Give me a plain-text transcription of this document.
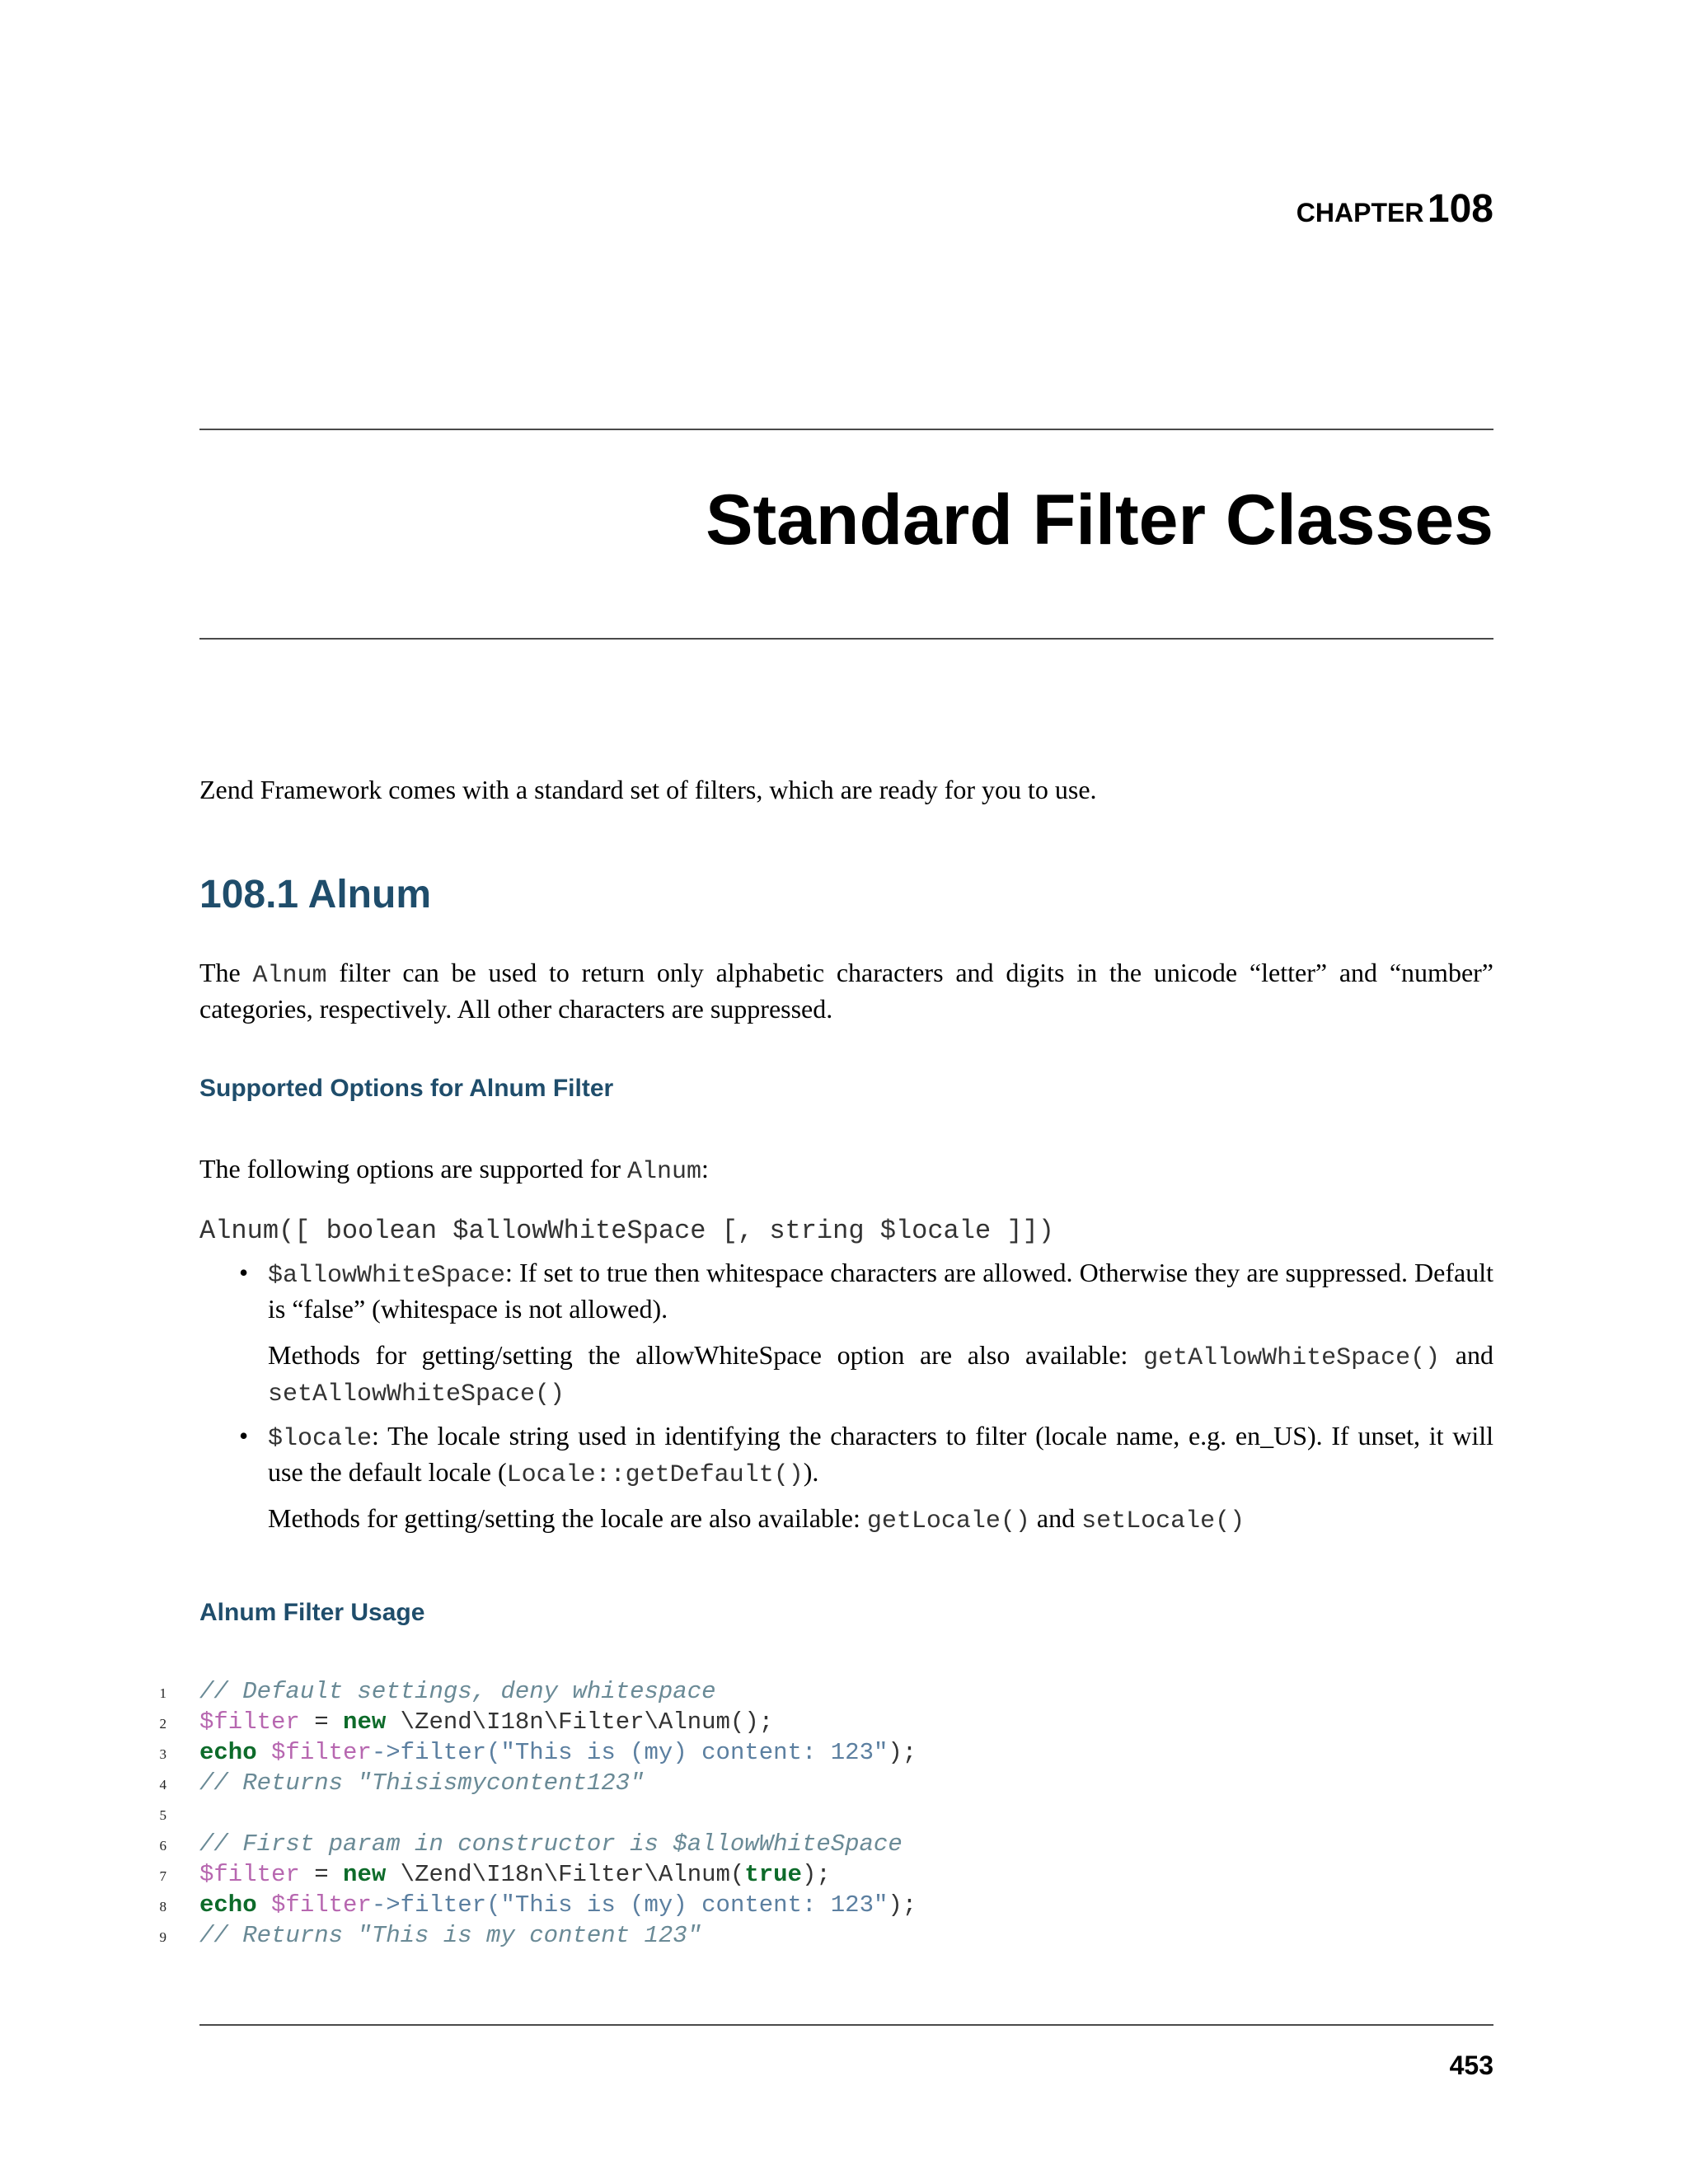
CHAPTER 108
Standard Filter Classes
Zend Framework comes with a standard set of filters, which are ready for you to use.
108.1 Alnum
The Alnum filter can be used to return only alphabetic characters and digits in the unicode “letter” and “number” categories, respectively. All other characters are suppressed.
Supported Options for Alnum Filter
The following options are supported for Alnum:
Alnum([ boolean $allowWhiteSpace [, string $locale ]])
• $allowWhiteSpace: If set to true then whitespace characters are allowed. Otherwise they are suppressed. Default is “false” (whitespace is not allowed).
Methods for getting/setting the allowWhiteSpace option are also available: getAllowWhiteSpace() and setAllowWhiteSpace()
• $locale: The locale string used in identifying the characters to filter (locale name, e.g. en_US). If unset, it will use the default locale (Locale::getDefault()).
Methods for getting/setting the locale are also available: getLocale() and setLocale()
Alnum Filter Usage
1 // Default settings, deny whitespace
2 $filter = new \Zend\I18n\Filter\Alnum();
3 echo $filter->filter("This is (my) content: 123");
4 // Returns "Thisismycontent123"
5
6 // First param in constructor is $allowWhiteSpace
7 $filter = new \Zend\I18n\Filter\Alnum(true);
8 echo $filter->filter("This is (my) content: 123");
9 // Returns "This is my content 123"
453
